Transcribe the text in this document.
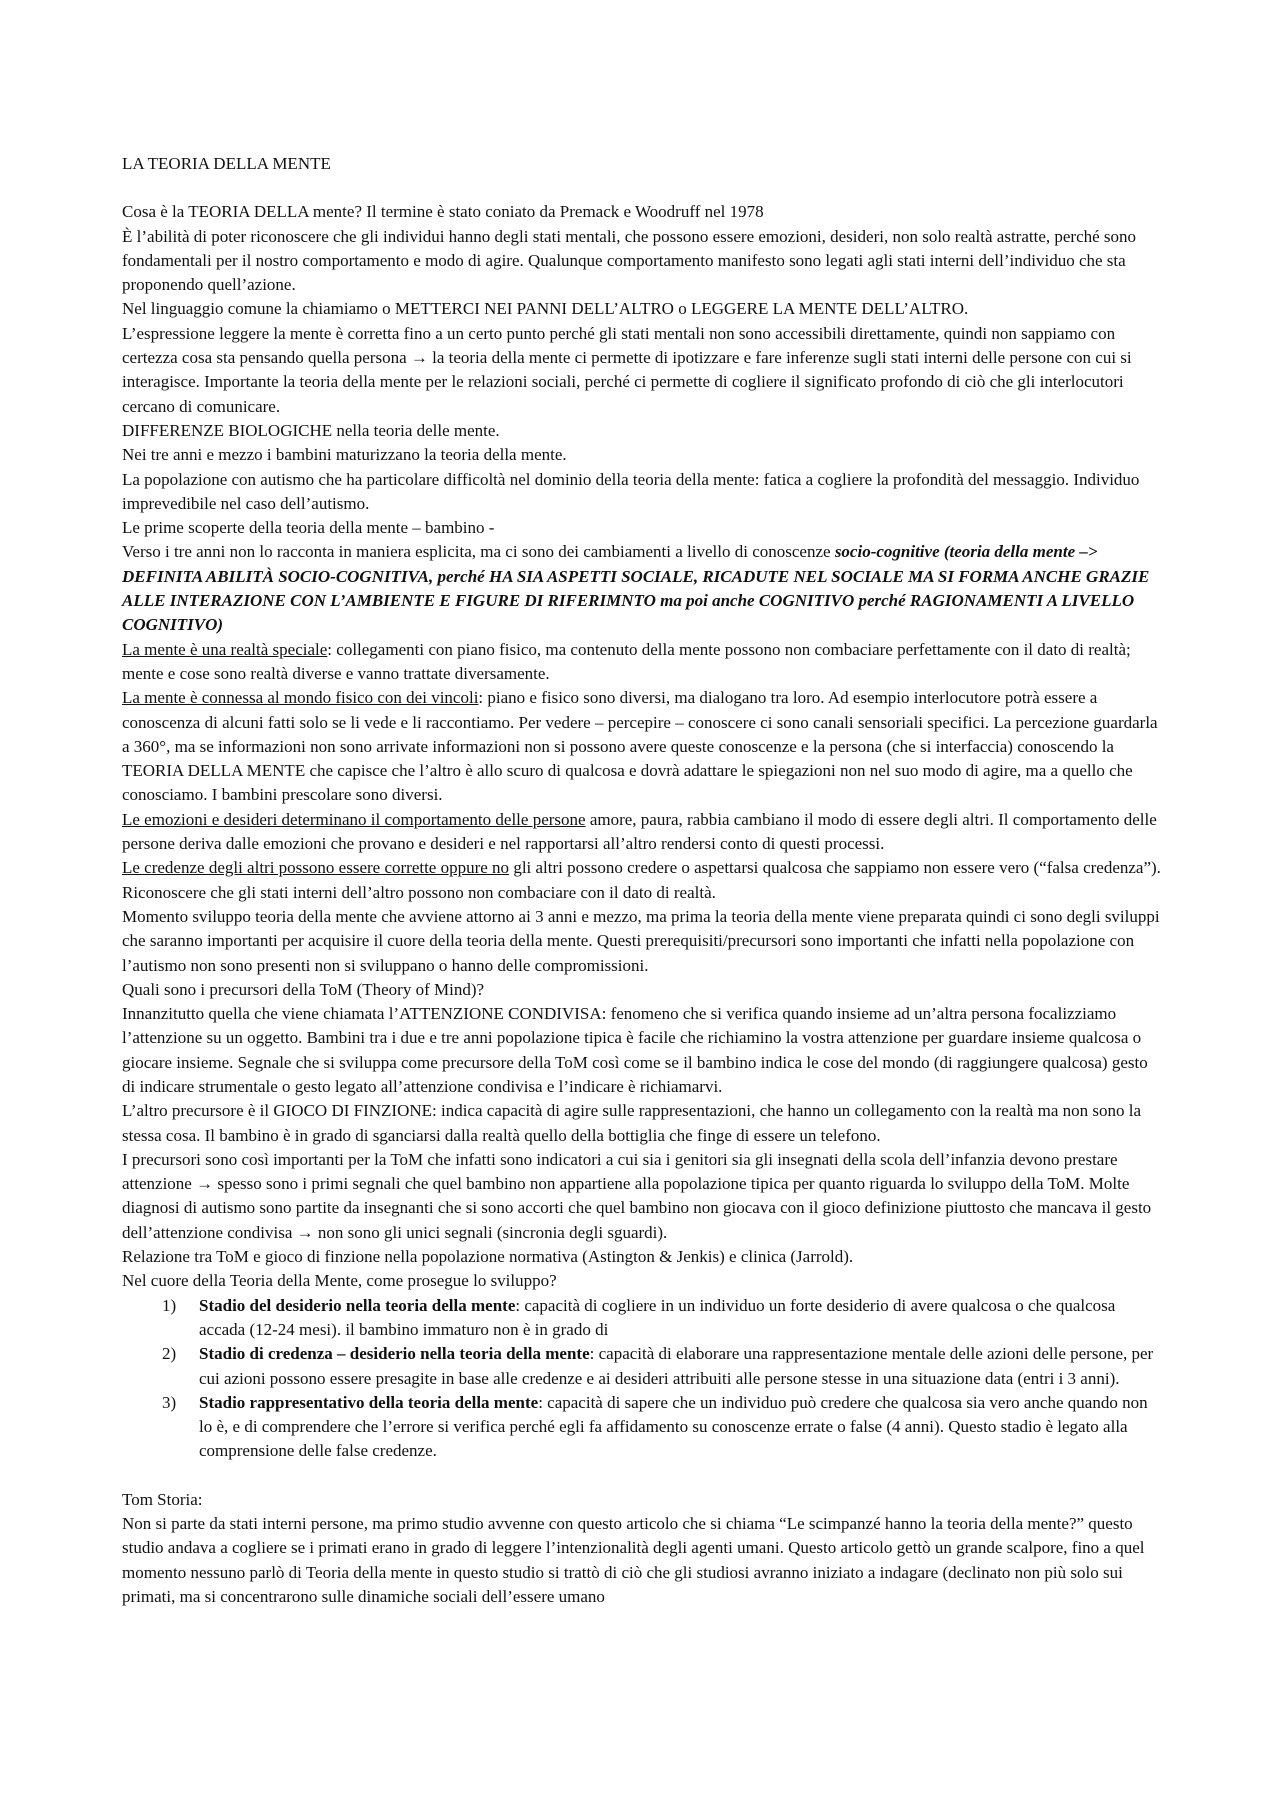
LA TEORIA DELLA MENTE

Cosa è la TEORIA DELLA mente? Il termine è stato coniato da Premack e Woodruff nel 1978

È l’abilità di poter riconoscere che gli individui hanno degli stati mentali, che possono essere emozioni, desideri, non solo realtà astratte, perché sono fondamentali per il nostro comportamento e modo di agire. Qualunque comportamento manifesto sono legati agli stati interni dell’individuo che sta proponendo quell’azione.

Nel linguaggio comune la chiamiamo o METTERCI NEI PANNI DELL’ALTRO o LEGGERE LA MENTE DELL’ALTRO.

L’espressione leggere la mente è corretta fino a un certo punto perché gli stati mentali non sono accessibili direttamente, quindi non sappiamo con certezza cosa sta pensando quella persona → la teoria della mente ci permette di ipotizzare e fare inferenze sugli stati interni delle persone con cui si interagisce. Importante la teoria della mente per le relazioni sociali, perché ci permette di cogliere il significato profondo di ciò che gli interlocutori cercano di comunicare.

DIFFERENZE BIOLOGICHE nella teoria delle mente.

Nei tre anni e mezzo i bambini maturizzano la teoria della mente.

La popolazione con autismo che ha particolare difficoltà nel dominio della teoria della mente: fatica a cogliere la profondità del messaggio. Individuo imprevedibile nel caso dell’autismo.

Le prime scoperte della teoria della mente – bambino -

Verso i tre anni non lo racconta in maniera esplicita, ma ci sono dei cambiamenti a livello di conoscenze socio-cognitive (teoria della mente –> DEFINITA ABILITÀ SOCIO-COGNITIVA, perché HA SIA ASPETTI SOCIALE, RICADUTE NEL SOCIALE MA SI FORMA ANCHE GRAZIE ALLE INTERAZIONE CON L’AMBIENTE E FIGURE DI RIFERIMNTO ma poi anche COGNITIVO perché RAGIONAMENTI A LIVELLO COGNITIVO)

La mente è una realtà speciale: collegamenti con piano fisico, ma contenuto della mente possono non combaciare perfettamente con il dato di realtà; mente e cose sono realtà diverse e vanno trattate diversamente.

La mente è connessa al mondo fisico con dei vincoli: piano e fisico sono diversi, ma dialogano tra loro. Ad esempio interlocutore potrà essere a conoscenza di alcuni fatti solo se li vede e li raccontiamo. Per vedere – percepire – conoscere ci sono canali sensoriali specifici. La percezione guardarla a 360°, ma se informazioni non sono arrivate informazioni non si possono avere queste conoscenze e la persona (che si interfaccia) conoscendo la TEORIA DELLA MENTE che capisce che l’altro è allo scuro di qualcosa e dovrà adattare le spiegazioni non nel suo modo di agire, ma a quello che conosciamo. I bambini prescolare sono diversi.

Le emozioni e desideri determinano il comportamento delle persone amore, paura, rabbia cambiano il modo di essere degli altri. Il comportamento delle persone deriva dalle emozioni che provano e desideri e nel rapportarsi all’altro rendersi conto di questi processi.

Le credenze degli altri possono essere corrette oppure no gli altri possono credere o aspettarsi qualcosa che sappiamo non essere vero (“falsa credenza”). Riconoscere che gli stati interni dell’altro possono non combaciare con il dato di realtà.

Momento sviluppo teoria della mente che avviene attorno ai 3 anni e mezzo, ma prima la teoria della mente viene preparata quindi ci sono degli sviluppi che saranno importanti per acquisire il cuore della teoria della mente. Questi prerequisiti/precursori sono importanti che infatti nella popolazione con l’autismo non sono presenti non si sviluppano o hanno delle compromissioni.

Quali sono i precursori della ToM (Theory of Mind)?

Innanzitutto quella che viene chiamata l’ATTENZIONE CONDIVISA: fenomeno che si verifica quando insieme ad un’altra persona focalizziamo l’attenzione su un oggetto. Bambini tra i due e tre anni popolazione tipica è facile che richiamino la vostra attenzione per guardare insieme qualcosa o giocare insieme. Segnale che si sviluppa come precursore della ToM così come se il bambino indica le cose del mondo (di raggiungere qualcosa) gesto di indicare strumentale o gesto legato all’attenzione condivisa e l’indicare è richiamarvi.

L’altro precursore è il GIOCO DI FINZIONE: indica capacità di agire sulle rappresentazioni, che hanno un collegamento con la realtà ma non sono la stessa cosa. Il bambino è in grado di sganciarsi dalla realtà quello della bottiglia che finge di essere un telefono.

I precursori sono così importanti per la ToM che infatti sono indicatori a cui sia i genitori sia gli insegnati della scola dell’infanzia devono prestare attenzione → spesso sono i primi segnali che quel bambino non appartiene alla popolazione tipica per quanto riguarda lo sviluppo della ToM. Molte diagnosi di autismo sono partite da insegnanti che si sono accorti che quel bambino non giocava con il gioco definizione piuttosto che mancava il gesto dell’attenzione condivisa → non sono gli unici segnali (sincronia degli sguardi).

Relazione tra ToM e gioco di finzione nella popolazione normativa (Astington & Jenkis) e clinica (Jarrold).

Nel cuore della Teoria della Mente, come prosegue lo sviluppo?

1) Stadio del desiderio nella teoria della mente: capacità di cogliere in un individuo un forte desiderio di avere qualcosa o che qualcosa accada (12-24 mesi). il bambino immaturo non è in grado di
2) Stadio di credenza – desiderio nella teoria della mente: capacità di elaborare una rappresentazione mentale delle azioni delle persone, per cui azioni possono essere presagite in base alle credenze e ai desideri attribuiti alle persone stesse in una situazione data (entri i 3 anni).
3) Stadio rappresentativo della teoria della mente: capacità di sapere che un individuo può credere che qualcosa sia vero anche quando non lo è, e di comprendere che l’errore si verifica perché egli fa affidamento su conoscenze errate o false (4 anni). Questo stadio è legato alla comprensione delle false credenze.

Tom Storia:

Non si parte da stati interni persone, ma primo studio avvenne con questo articolo che si chiama “Le scimpanzé hanno la teoria della mente?” questo studio andava a cogliere se i primati erano in grado di leggere l’intenzionalità degli agenti umani. Questo articolo gettò un grande scalpore, fino a quel momento nessuno parlò di Teoria della mente in questo studio si trattò di ciò che gli studiosi avranno iniziato a indagare (declinato non più solo sui primati, ma si concentrarono sulle dinamiche sociali dell’essere umano
